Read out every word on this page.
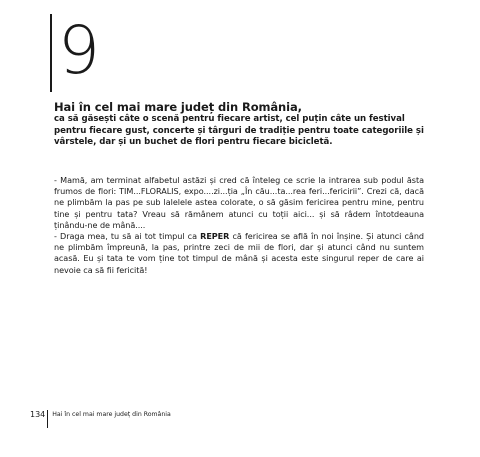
9
Hai în cel mai mare județ din România,
ca să găsești câte o scenă pentru fiecare artist, cel puțin câte un festival pentru fiecare gust, concerte și târguri de tradiție pentru toate categoriile și vârstele, dar și un buchet de flori pentru fiecare bicicletă.

- Mamă, am terminat alfabetul astăzi și cred că înteleg ce scrie la intrarea sub podul ăsta frumos de flori: TIM...FLORALIS, expo....zi...ția „În cău...ta...rea feri...fericirii”. Crezi că, dacă ne plimbăm la pas pe sub lalelele astea colorate, o să găsim fericirea pentru mine, pentru tine și pentru tata? Vreau să rămânem atunci cu toții aici... și să râdem întotdeauna ținându-ne de mână....

- Draga mea, tu să ai tot timpul ca REPER că fericirea se află în noi înșine. Și atunci când ne plimbăm împreună, la pas, printre zeci de mii de flori, dar și atunci când nu suntem acasă. Eu și tata te vom ține tot timpul de mână și acesta este singurul reper de care ai nevoie ca să fii fericită!

134 Hai în cel mai mare județ din România
